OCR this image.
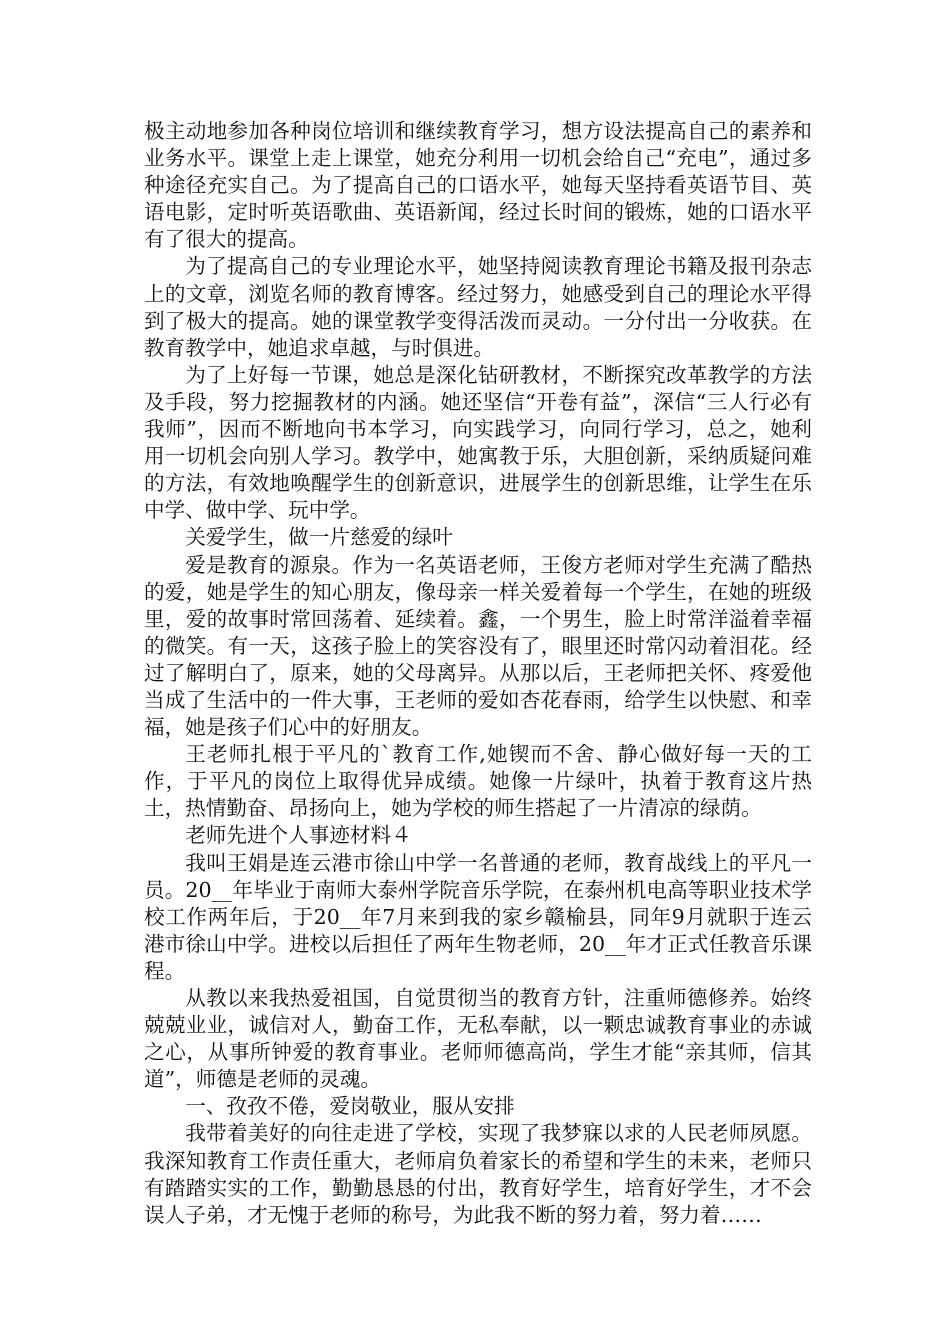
极主动地参加各种岗位培训和继续教育学习，想方设法提高自己的素养和业务水平。课堂上走上课堂，她充分利用一切机会给自己“充电”，通过多种途径充实自己。为了提高自己的口语水平，她每天坚持看英语节目、英语电影，定时听英语歌曲、英语新闻，经过长时间的锻炼，她的口语水平有了很大的提高。

为了提高自己的专业理论水平，她坚持阅读教育理论书籍及报刊杂志上的文章，浏览名师的教育博客。经过努力，她感受到自己的理论水平得到了极大的提高。她的课堂教学变得活泼而灵动。一分付出一分收获。在教育教学中，她追求卓越，与时俱进。

为了上好每一节课，她总是深化钻研教材，不断探究改革教学的方法及手段，努力挖掘教材的内涵。她还坚信“开卷有益”，深信“三人行必有我师”，因而不断地向书本学习，向实践学习，向同行学习，总之，她利用一切机会向别人学习。教学中，她寓教于乐，大胆创新，采纳质疑问难的方法，有效地唤醒学生的创新意识，进展学生的创新思维，让学生在乐中学、做中学、玩中学。

关爱学生，做一片慈爱的绿叶

爱是教育的源泉。作为一名英语老师，王俊方老师对学生充满了酷热的爱，她是学生的知心朋友，像母亲一样关爱着每一个学生，在她的班级里，爱的故事时常回荡着、延续着。鑫，一个男生，脸上时常洋溢着幸福的微笑。有一天，这孩子脸上的笑容没有了，眼里还时常闪动着泪花。经过了解明白了，原来，她的父母离异。从那以后，王老师把关怀、疼爱他当成了生活中的一件大事，王老师的爱如杏花春雨，给学生以快慰、和幸福，她是孩子们心中的好朋友。

王老师扎根于平凡的`教育工作,她锲而不舍、静心做好每一天的工作，于平凡的岗位上取得优异成绩。她像一片绿叶，执着于教育这片热土，热情勤奋、昂扬向上，她为学校的师生搭起了一片清凉的绿荫。

老师先进个人事迹材料４

我叫王娟是连云港市徐山中学一名普通的老师，教育战线上的平凡一员。20__年毕业于南师大泰州学院音乐学院，在泰州机电高等职业技术学校工作两年后，于20__年7月来到我的家乡赣榆县，同年9月就职于连云港市徐山中学。进校以后担任了两年生物老师，20__年才正式任教音乐课程。

从教以来我热爱祖国，自觉贯彻当的教育方针，注重师德修养。始终兢兢业业，诚信对人，勤奋工作，无私奉献，以一颗忠诚教育事业的赤诚之心，从事所钟爱的教育事业。老师师德高尚，学生才能“亲其师，信其道”，师德是老师的灵魂。

一、孜孜不倦，爱岗敬业，服从安排

我带着美好的向往走进了学校，实现了我梦寐以求的人民老师夙愿。我深知教育工作责任重大，老师肩负着家长的希望和学生的未来，老师只有踏踏实实的工作，勤勤恳恳的付出，教育好学生，培育好学生，才不会误人子弟，才无愧于老师的称号，为此我不断的努力着，努力着……
